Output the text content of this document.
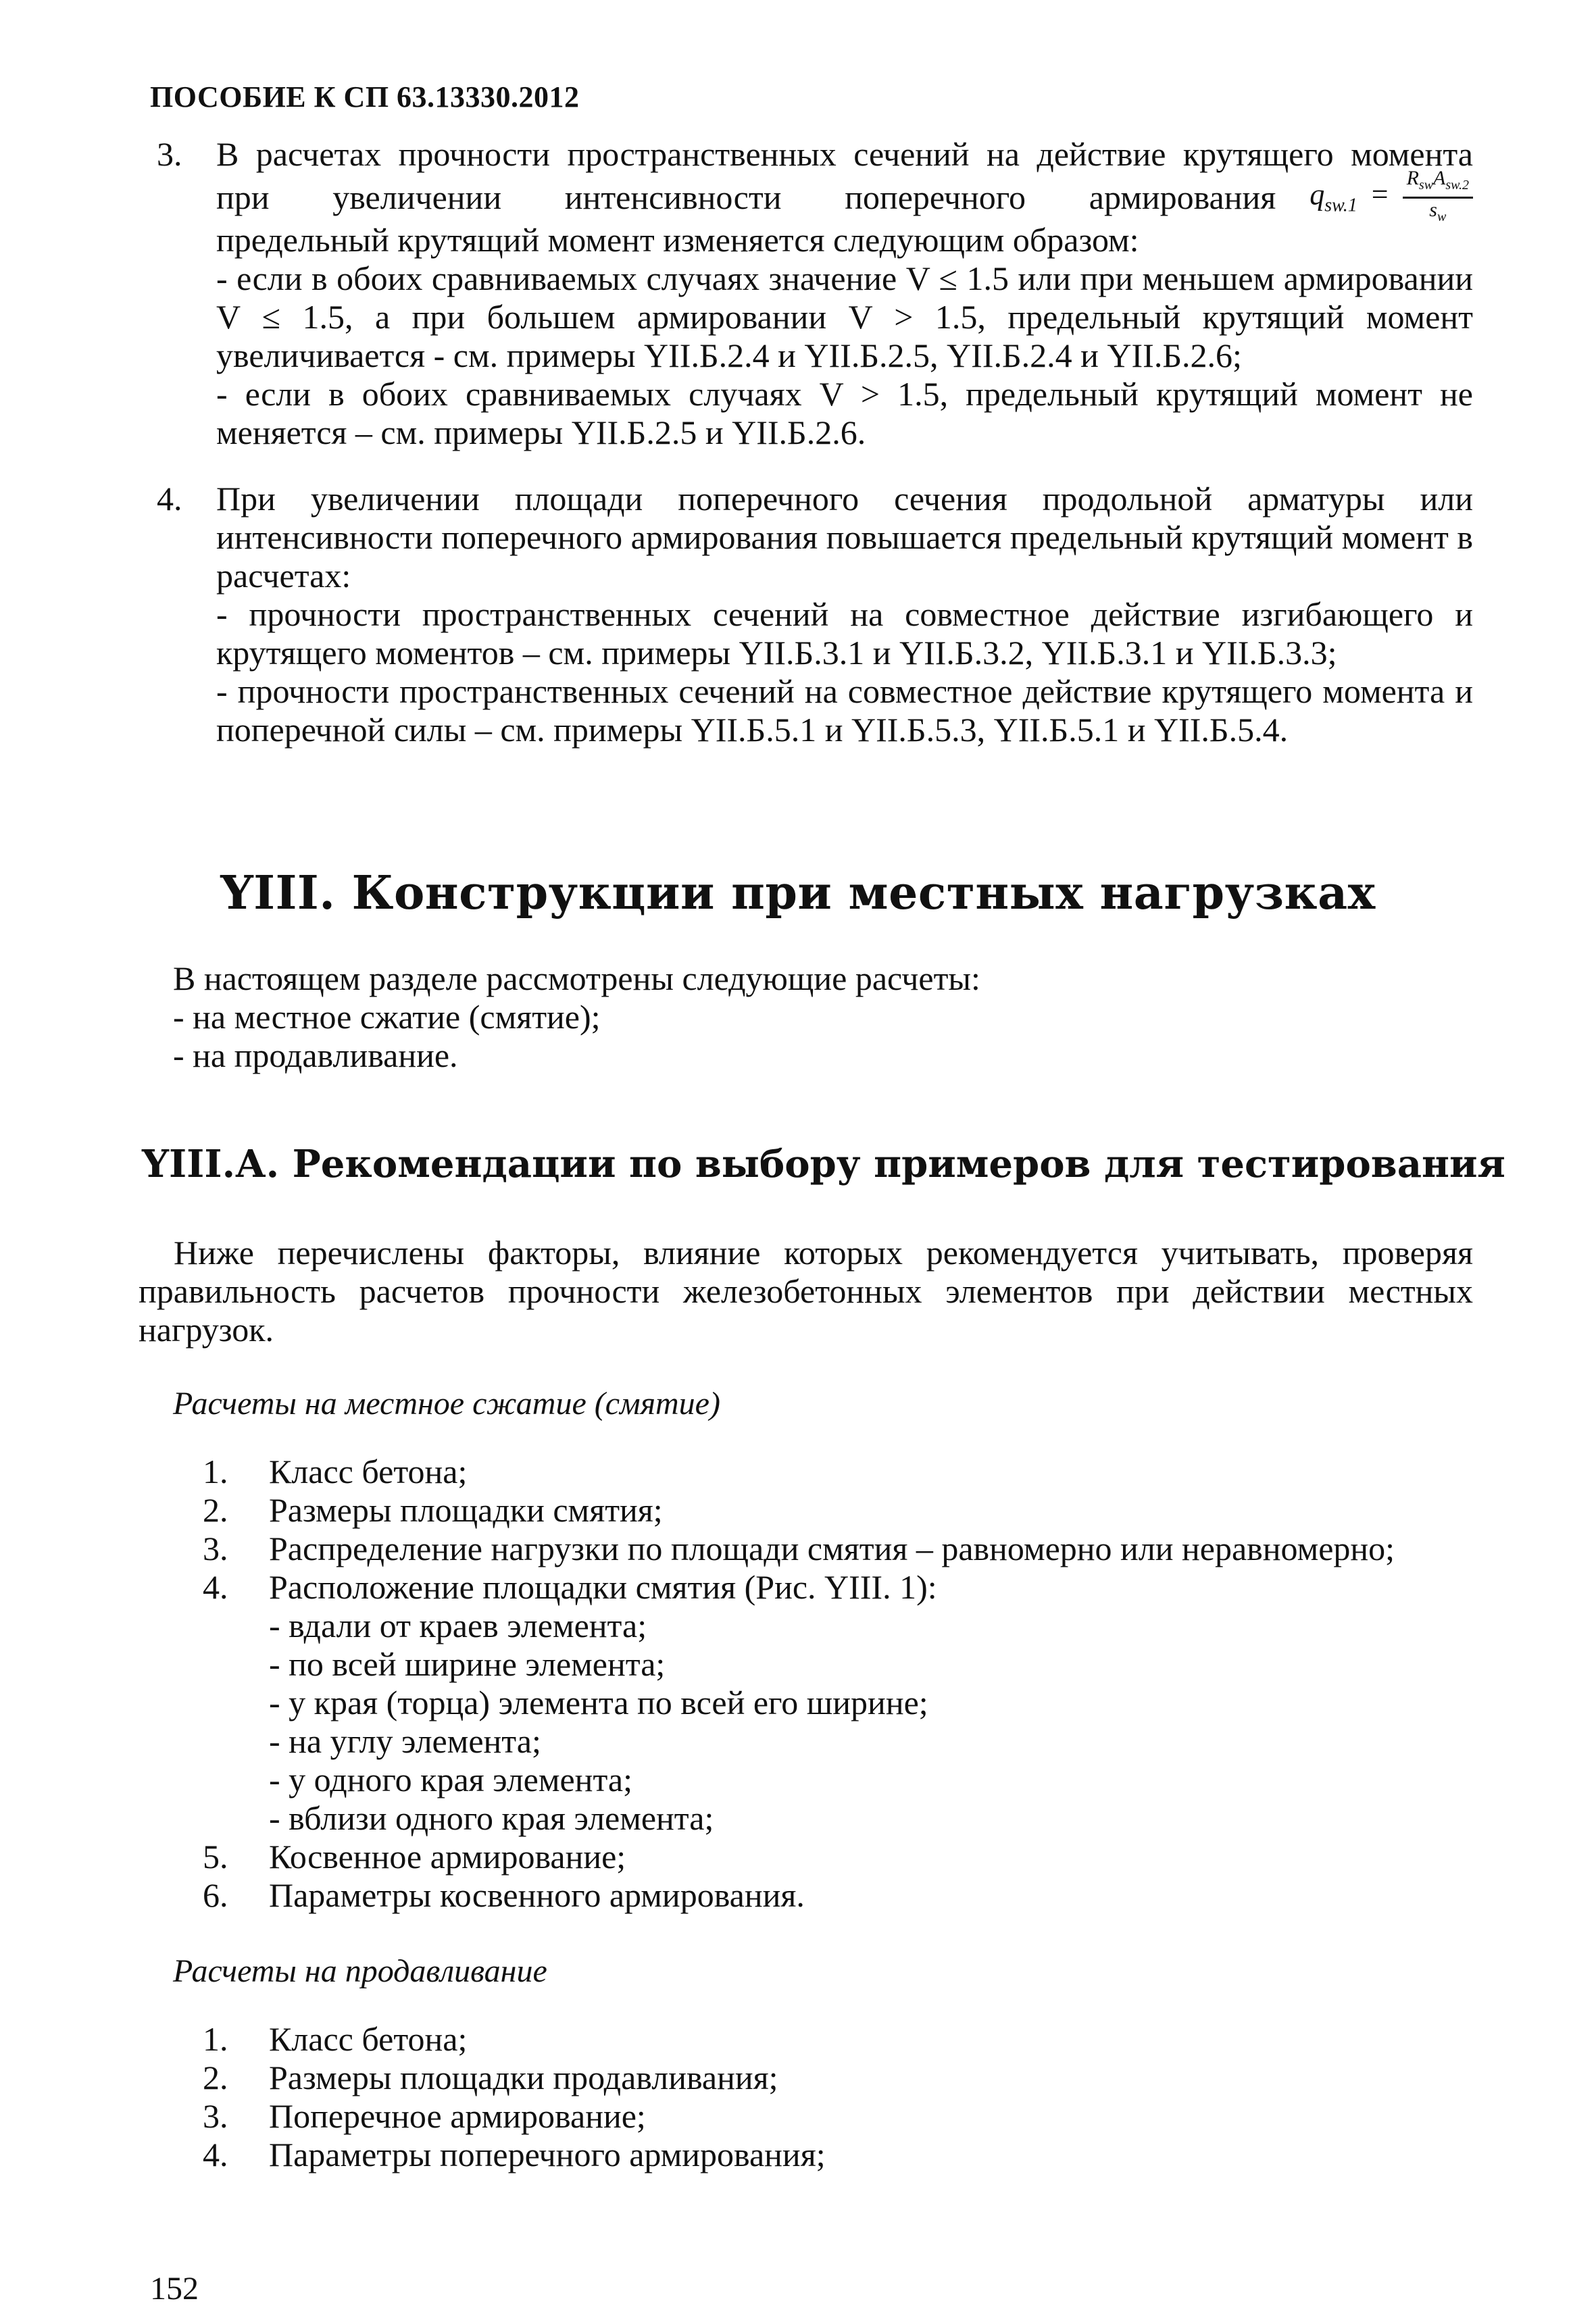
ПОСОБИЕ К СП 63.13330.2012
3. В расчетах прочности пространственных сечений на действие крутящего момента

при увеличении интенсивности поперечного армирования $q_{sw.1} = \frac{R_{sw}A_{sw.2}}{s_w}$

предельный крутящий момент изменяется следующим образом:

- если в обоих сравниваемых случаях значение V ≤ 1.5 или при меньшем армировании V ≤ 1.5, а при большем армировании V > 1.5, предельный крутящий момент увеличивается - см. примеры YII.Б.2.4 и YII.Б.2.5, YII.Б.2.4 и YII.Б.2.6;

- если в обоих сравниваемых случаях V > 1.5, предельный крутящий момент не меняется – см. примеры YII.Б.2.5 и YII.Б.2.6.

4. При увеличении площади поперечного сечения продольной арматуры или интенсивности поперечного армирования повышается предельный крутящий момент в расчетах:

- прочности пространственных сечений на совместное действие изгибающего и крутящего моментов – см. примеры YII.Б.3.1 и YII.Б.3.2, YII.Б.3.1 и YII.Б.3.3;

- прочности пространственных сечений на совместное действие крутящего момента и поперечной силы – см. примеры YII.Б.5.1 и YII.Б.5.3, YII.Б.5.1 и YII.Б.5.4.

YIII. Конструкции при местных нагрузках
В настоящем разделе рассмотрены следующие расчеты:
- на местное сжатие (смятие);
- на продавливание.
YIII.А. Рекомендации по выбору примеров для тестирования

Ниже перечислены факторы, влияние которых рекомендуется учитывать, проверяя правильность расчетов прочности железобетонных элементов при действии местных нагрузок.

Расчеты на местное сжатие (смятие)
1. Класс бетона;
2. Размеры площадки смятия;
3. Распределение нагрузки по площади смятия – равномерно или неравномерно;
4. Расположение площадки смятия (Рис. YIII. 1):
- вдали от краев элемента;
- по всей ширине элемента;
- у края (торца) элемента по всей его ширине;
- на углу элемента;
- у одного края элемента;
- вблизи одного края элемента;
5. Косвенное армирование;
6. Параметры косвенного армирования.
Расчеты на продавливание
1. Класс бетона;
2. Размеры площадки продавливания;
3. Поперечное армирование;
4. Параметры поперечного армирования;
152
